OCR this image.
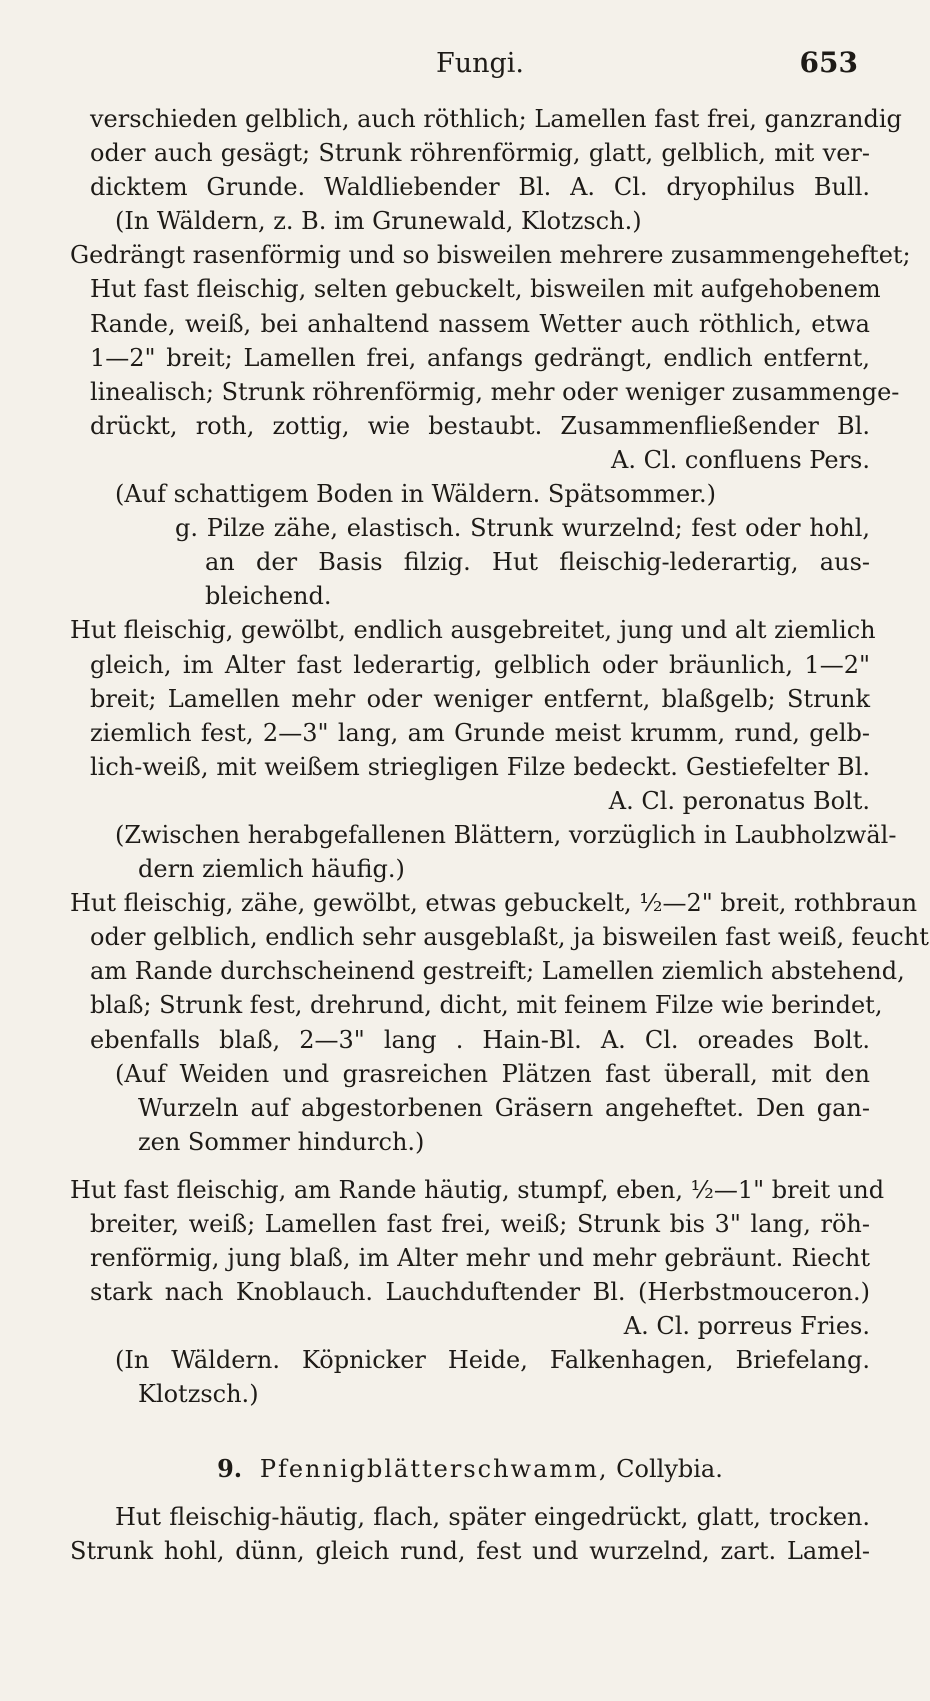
Fungi.	653
verschieden gelblich, auch röthlich; Lamellen fast frei, ganzrandig
oder auch gesägt; Strunk röhrenförmig, glatt, gelblich, mit ver-
dicktem Grunde. Waldliebender Bl. A. Cl. dryophilus Bull.
(In Wäldern, z. B. im Grunewald, Klotzsch.)
Gedrängt rasenförmig und so bisweilen mehrere zusammengeheftet;
Hut fast fleischig, selten gebuckelt, bisweilen mit aufgehobenem
Rande, weiß, bei anhaltend nassem Wetter auch röthlich, etwa
1—2" breit; Lamellen frei, anfangs gedrängt, endlich entfernt,
linealisch; Strunk röhrenförmig, mehr oder weniger zusammenge-
drückt, roth, zottig, wie bestaubt. Zusammenfließender Bl.
A. Cl. confluens Pers.
(Auf schattigem Boden in Wäldern. Spätsommer.)
g. Pilze zähe, elastisch. Strunk wurzelnd; fest oder hohl,
an der Basis filzig. Hut fleischig-lederartig, aus-
bleichend.
Hut fleischig, gewölbt, endlich ausgebreitet, jung und alt ziemlich
gleich, im Alter fast lederartig, gelblich oder bräunlich, 1—2"
breit; Lamellen mehr oder weniger entfernt, blaßgelb; Strunk
ziemlich fest, 2—3" lang, am Grunde meist krumm, rund, gelb-
lich-weiß, mit weißem striegligen Filze bedeckt. Gestiefelter Bl.
A. Cl. peronatus Bolt.
(Zwischen herabgefallenen Blättern, vorzüglich in Laubholzwäl-
dern ziemlich häufig.)
Hut fleischig, zähe, gewölbt, etwas gebuckelt, ½—2" breit, rothbraun
oder gelblich, endlich sehr ausgeblaßt, ja bisweilen fast weiß, feucht
am Rande durchscheinend gestreift; Lamellen ziemlich abstehend,
blaß; Strunk fest, drehrund, dicht, mit feinem Filze wie berindet,
ebenfalls blaß, 2—3" lang . Hain-Bl. A. Cl. oreades Bolt.
(Auf Weiden und grasreichen Plätzen fast überall, mit den
Wurzeln auf abgestorbenen Gräsern angeheftet. Den gan-
zen Sommer hindurch.)
Hut fast fleischig, am Rande häutig, stumpf, eben, ½—1" breit und
breiter, weiß; Lamellen fast frei, weiß; Strunk bis 3" lang, röh-
renförmig, jung blaß, im Alter mehr und mehr gebräunt. Riecht
stark nach Knoblauch. Lauchduftender Bl. (Herbstmouceron.)
A. Cl. porreus Fries.
(In Wäldern. Köpnicker Heide, Falkenhagen, Briefelang.
Klotzsch.)
9. Pfennigblätterschwamm, Collybia.
Hut fleischig-häutig, flach, später eingedrückt, glatt, trocken.
Strunk hohl, dünn, gleich rund, fest und wurzelnd, zart. Lamel-
